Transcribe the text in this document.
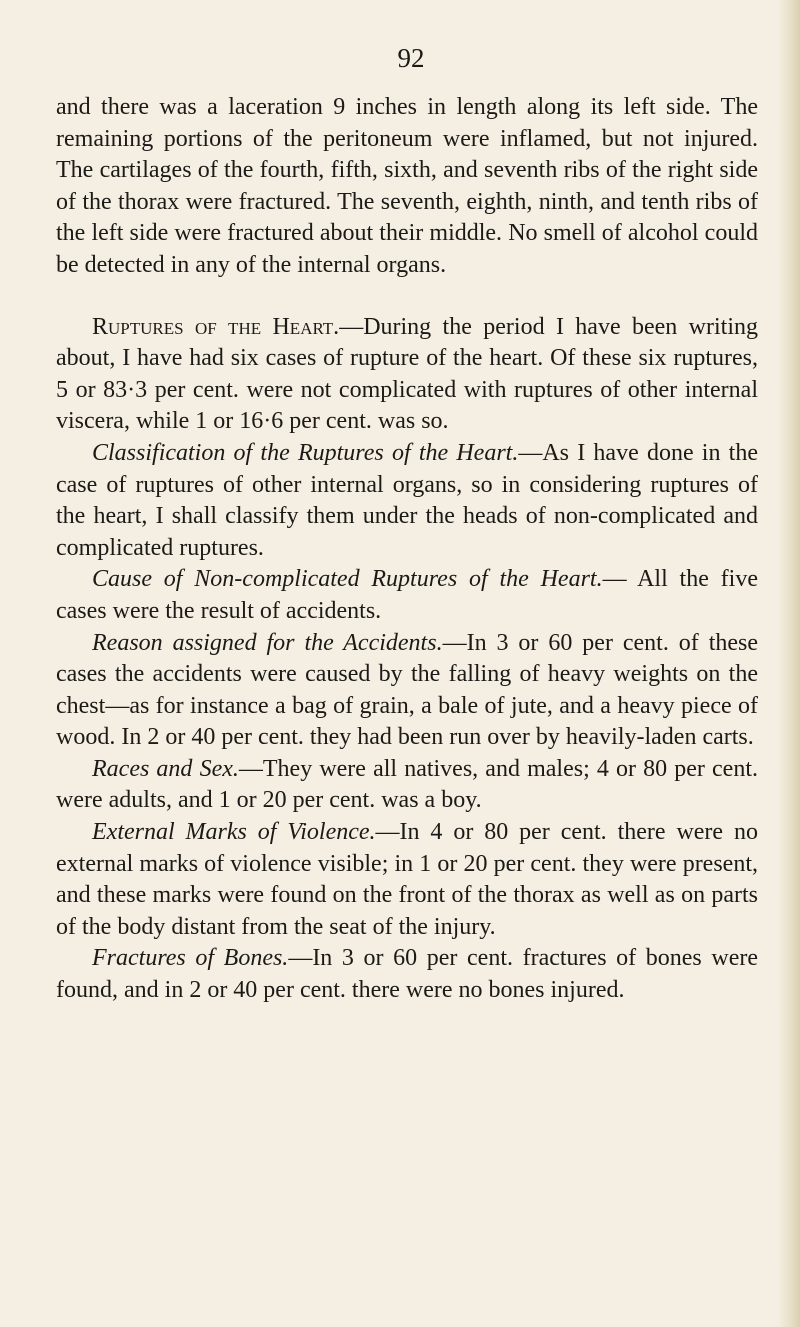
92

and there was a laceration 9 inches in length along its left side. The remaining portions of the peritoneum were inflamed, but not injured. The cartilages of the fourth, fifth, sixth, and seventh ribs of the right side of the thorax were fractured. The seventh, eighth, ninth, and tenth ribs of the left side were fractured about their middle. No smell of alcohol could be detected in any of the internal organs.

Ruptures of the Heart.—During the period I have been writing about, I have had six cases of rupture of the heart. Of these six ruptures, 5 or 83·3 per cent. were not complicated with ruptures of other internal viscera, while 1 or 16·6 per cent. was so.

Classification of the Ruptures of the Heart.—As I have done in the case of ruptures of other internal organs, so in considering ruptures of the heart, I shall classify them under the heads of non-complicated and complicated ruptures.

Cause of Non-complicated Ruptures of the Heart.— All the five cases were the result of accidents.

Reason assigned for the Accidents.—In 3 or 60 per cent. of these cases the accidents were caused by the falling of heavy weights on the chest—as for instance a bag of grain, a bale of jute, and a heavy piece of wood. In 2 or 40 per cent. they had been run over by heavily-laden carts.

Races and Sex.—They were all natives, and males; 4 or 80 per cent. were adults, and 1 or 20 per cent. was a boy.

External Marks of Violence.—In 4 or 80 per cent. there were no external marks of violence visible; in 1 or 20 per cent. they were present, and these marks were found on the front of the thorax as well as on parts of the body distant from the seat of the injury.

Fractures of Bones.—In 3 or 60 per cent. fractures of bones were found, and in 2 or 40 per cent. there were no bones injured.
